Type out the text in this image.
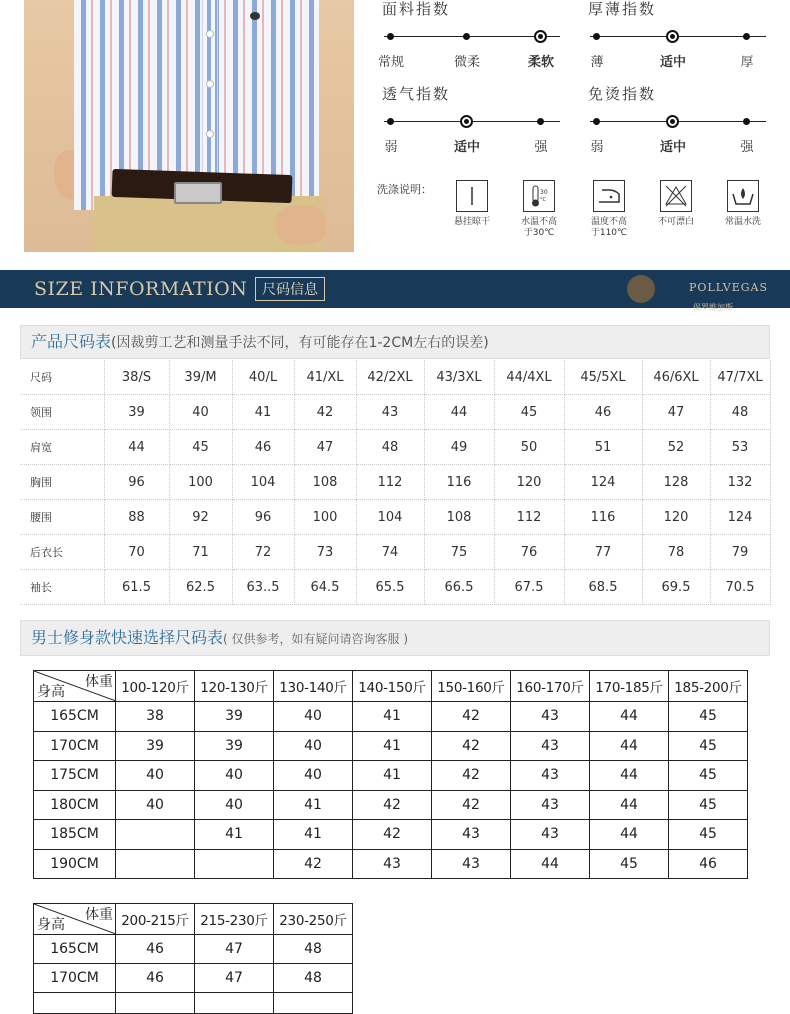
面料指数
常规	微柔	柔软
厚薄指数
薄	适中	厚
透气指数
弱	适中	强
免烫指数
弱	适中	强
洗涤说明：
悬挂晾干
30
°C
水温不高
于30℃
温度不高
于110℃
不可漂白	常温水洗
SIZE INFORMATION	尺码信息	POLLVEGAS
保罗维加斯
产品尺码表(因裁剪工艺和测量手法不同，有可能存在1-2CM左右的误差)
尺码	38/S	39/M	40/L	41/XL	42/2XL	43/3XL	44/4XL	45/5XL	46/6XL	47/7XL
领围	39	40	41	42	43	44	45	46	47	48
肩宽	44	45	46	47	48	49	50	51	52	53
胸围	96	100	104	108	112	116	120	124	128	132
腰围	88	92	96	100	104	108	112	116	120	124
后衣长	70	71	72	73	74	75	76	77	78	79
袖长	61.5	62.5	63..5	64.5	65.5	66.5	67.5	68.5	69.5	70.5
男士修身款快速选择尺码表( 仅供参考，如有疑问请咨询客服 )
体重
身高	100-120斤	120-130斤	130-140斤	140-150斤	150-160斤	160-170斤	170-185斤	185-200斤
165CM	38	39	40	41	42	43	44	45
170CM	39	39	40	41	42	43	44	45
175CM	40	40	40	41	42	43	44	45
180CM	40	40	41	42	42	43	44	45
185CM		41	41	42	43	43	44	45
190CM			42	43	43	44	45	46
体重
身高	200-215斤	215-230斤	230-250斤
165CM	46	47	48
170CM	46	47	48
